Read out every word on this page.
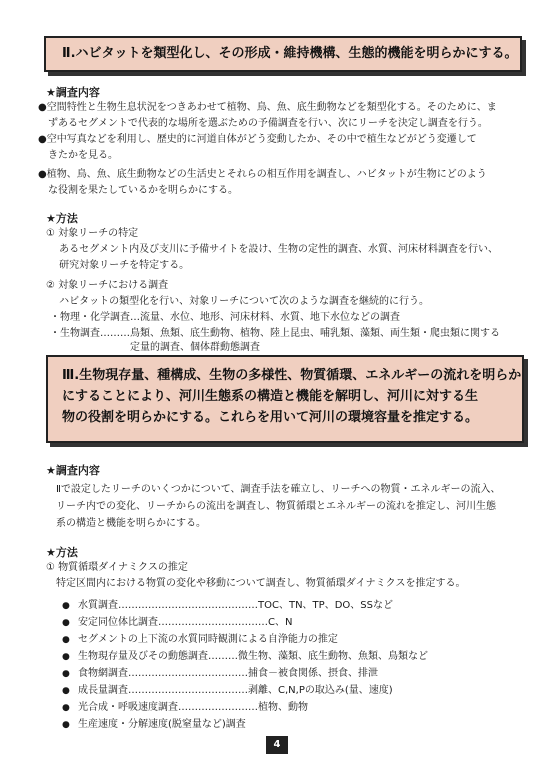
Ⅱ.ハビタットを類型化し、その形成・維持機構、生態的機能を明らかにする。
★調査内容
●空間特性と生物生息状況をつきあわせて植物、鳥、魚、底生動物などを類型化する。そのために、ま
　ずあるセグメントで代表的な場所を選ぶための予備調査を行い、次にリーチを決定し調査を行う。
●空中写真などを利用し、歴史的に河道自体がどう変動したか、その中で植生などがどう変遷して
　きたかを見る。
●植物、鳥、魚、底生動物などの生活史とそれらの相互作用を調査し、ハビタットが生物にどのよう
　な役割を果たしているかを明らかにする。
★方法
① 対象リーチの特定
　 あるセグメント内及び支川に予備サイトを設け、生物の定性的調査、水質、河床材料調査を行い、
　 研究対象リーチを特定する。
② 対象リーチにおける調査
　 ハビタットの類型化を行い、対象リーチについて次のような調査を継続的に行う。
・物理・化学調査…流量、水位、地形、河床材料、水質、地下水位などの調査
・生物調査………鳥類、魚類、底生動物、植物、陸上昆虫、哺乳類、藻類、両生類・爬虫類に関する
　　　　　　　　定量的調査、個体群動態調査
Ⅲ.生物現存量、種構成、生物の多様性、物質循環、エネルギーの流れを明らか
にすることにより、河川生態系の構造と機能を解明し、河川に対する生
物の役割を明らかにする。これらを用いて河川の環境容量を推定する。
★調査内容
Ⅱで設定したリーチのいくつかについて、調査手法を確立し、リーチへの物質・エネルギーの流入、
リーチ内での変化、リーチからの流出を調査し、物質循環とエネルギーの流れを推定し、河川生態
系の構造と機能を明らかにする。
★方法
① 物質循環ダイナミクスの推定
　特定区間内における物質の変化や移動について調査し、物質循環ダイナミクスを推定する。
● 水質調査……………………………………TOC、TN、TP、DO、SSなど
● 安定同位体比調査……………………………C、N
● セグメントの上下流の水質同時観測による自浄能力の推定
● 生物現存量及びその動態調査………微生物、藻類、底生動物、魚類、鳥類など
● 食物網調査………………………………捕食－被食関係、摂食、排泄
● 成長量調査………………………………剥離、C,N,Pの取込み(量、速度)
● 光合成・呼吸速度調査……………………植物、動物
● 生産速度・分解速度(脱窒量など)調査
4
